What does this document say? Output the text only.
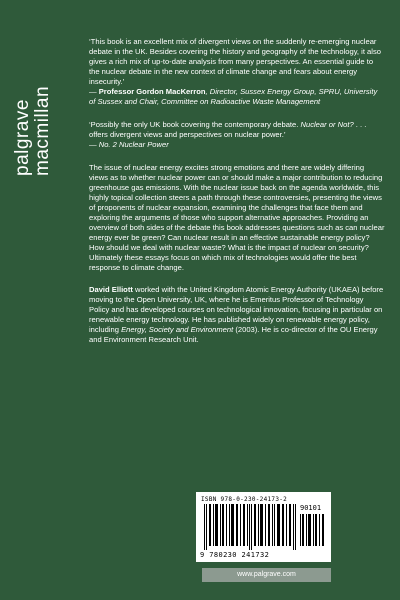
palgrave macmillan

‘This book is an excellent mix of divergent views on the suddenly re-emerging nuclear debate in the UK. Besides covering the history and geography of the technology, it also gives a rich mix of up-to-date analysis from many perspectives. An essential guide to the nuclear debate in the new context of climate change and fears about energy insecurity.’

— Professor Gordon MacKerron, Director, Sussex Energy Group, SPRU, University of Sussex and Chair, Committee on Radioactive Waste Management

‘Possibly the only UK book covering the contemporary debate. Nuclear or Not? . . . offers divergent views and perspectives on nuclear power.’
— No. 2 Nuclear Power

The issue of nuclear energy excites strong emotions and there are widely differing views as to whether nuclear power can or should make a major contribution to reducing greenhouse gas emissions. With the nuclear issue back on the agenda worldwide, this highly topical collection steers a path through these controversies, presenting the views of proponents of nuclear expansion, examining the challenges that face them and exploring the arguments of those who support alternative approaches. Providing an overview of both sides of the debate this book addresses questions such as can nuclear energy ever be green? Can nuclear result in an effective sustainable energy policy? How should we deal with nuclear waste? What is the impact of nuclear on security? Ultimately these essays focus on which mix of technologies would offer the best response to climate change.

David Elliott worked with the United Kingdom Atomic Energy Authority (UKAEA) before moving to the Open University, UK, where he is Emeritus Professor of Technology Policy and has developed courses on technological innovation, focusing in particular on renewable energy technology. He has published widely on renewable energy policy, including Energy, Society and Environment (2003). He is co-director of the OU Energy and Environment Research Unit.

ISBN 978-0-230-24173-2
90101
9 780230 241732
www.palgrave.com
